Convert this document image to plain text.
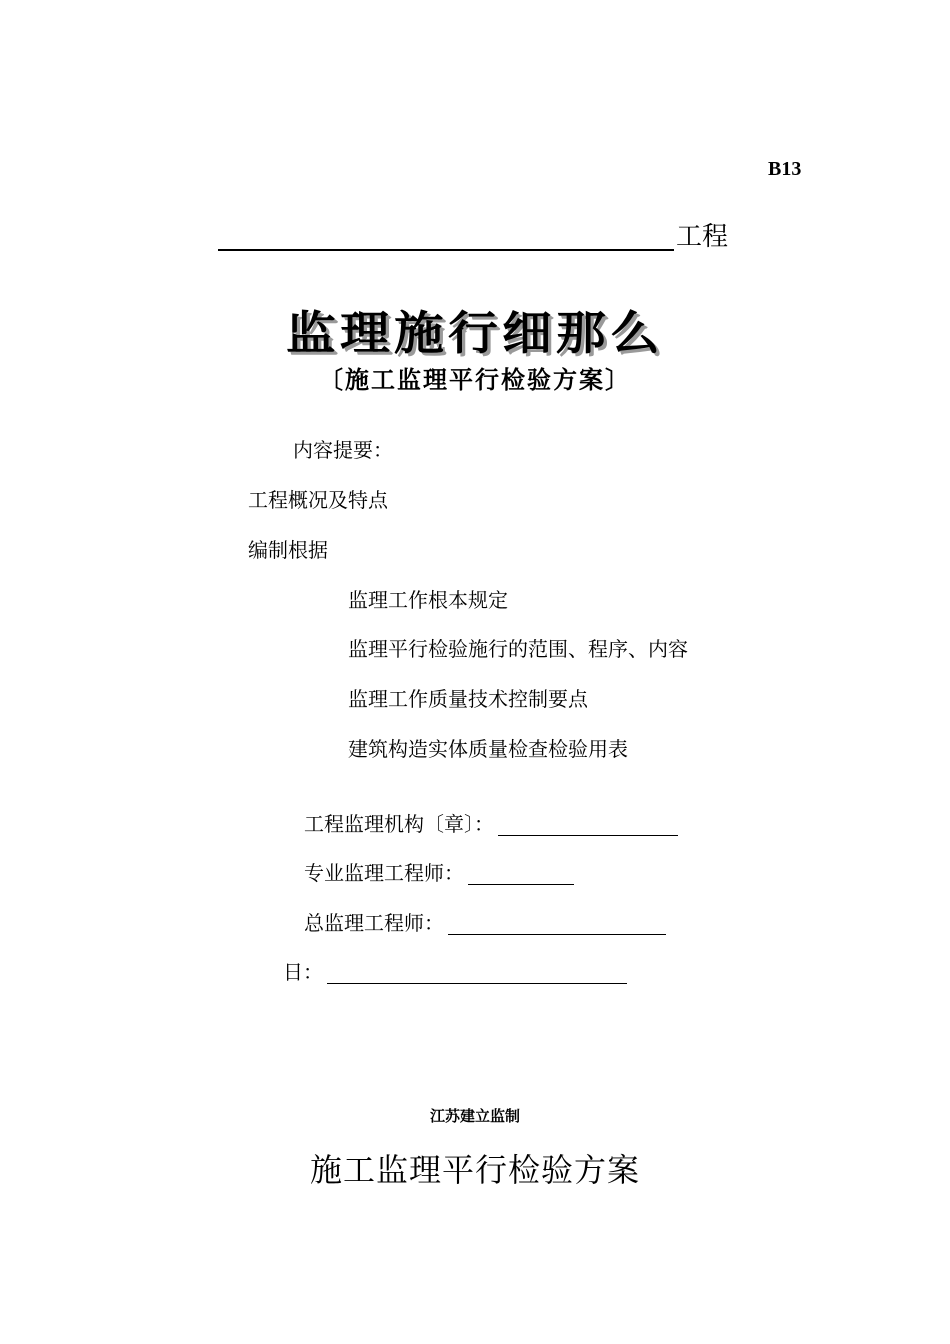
B13
工程
监理施行细那么
〔施工监理平行检验方案〕
内容提要：
工程概况及特点
编制根据
监理工作根本规定
监理平行检验施行的范围、程序、内容
监理工作质量技术控制要点
建筑构造实体质量检查检验用表
工程监理机构〔章〕：
专业监理工程师：
总监理工程师：
日：
江苏建立监制
施工监理平行检验方案
